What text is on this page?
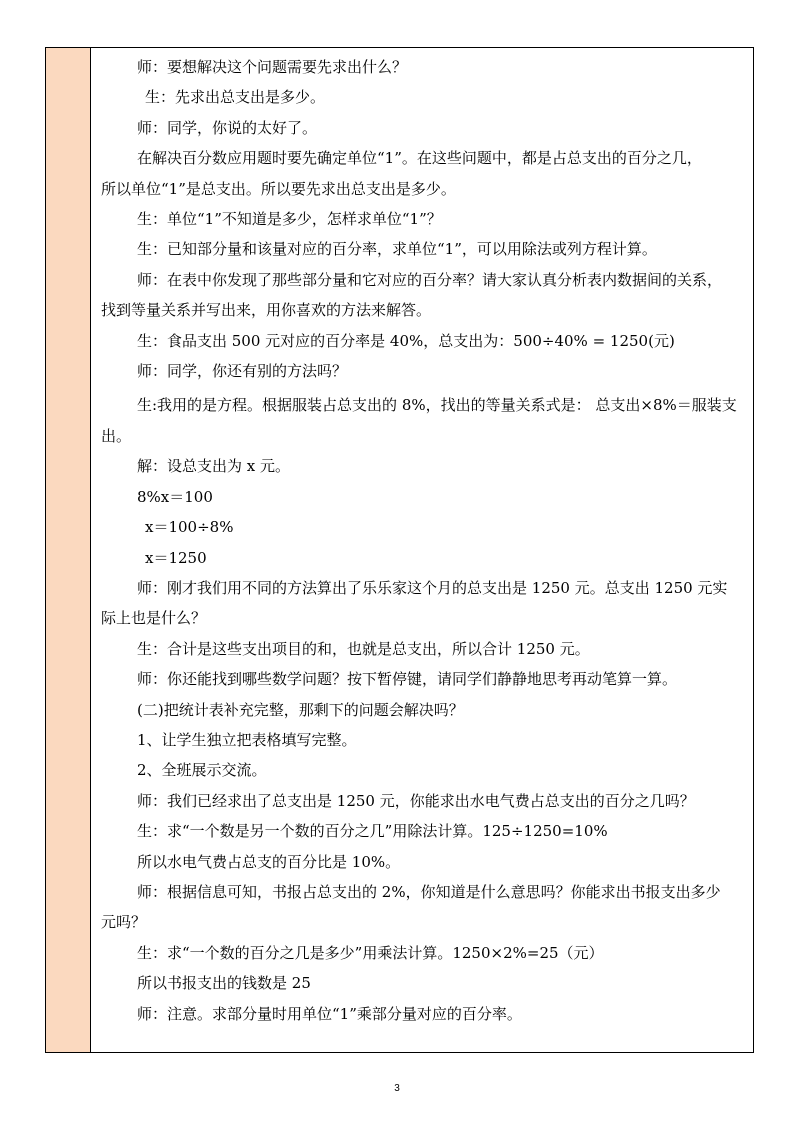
师：要想解决这个问题需要先求出什么？
生：先求出总支出是多少。
师：同学，你说的太好了。
在解决百分数应用题时要先确定单位“1”。在这些问题中，都是占总支出的百分之几，
所以单位“1”是总支出。所以要先求出总支出是多少。
生：单位“1”不知道是多少，怎样求单位“1”？
生：已知部分量和该量对应的百分率，求单位“1”，可以用除法或列方程计算。
师：在表中你发现了那些部分量和它对应的百分率？请大家认真分析表内数据间的关系，
找到等量关系并写出来，用你喜欢的方法来解答。
生：食品支出 500 元对应的百分率是 40%，总支出为：500÷40% = 1250(元)
师：同学，你还有别的方法吗？
生:我用的是方程。根据服装占总支出的 8%，找出的等量关系式是： 总支出×8%＝服装支
出。
解：设总支出为 x 元。
8%x＝100
x＝100÷8%
x＝1250
师：刚才我们用不同的方法算出了乐乐家这个月的总支出是 1250 元。总支出 1250 元实
际上也是什么？
生：合计是这些支出项目的和，也就是总支出，所以合计 1250 元。
师：你还能找到哪些数学问题？按下暂停键，请同学们静静地思考再动笔算一算。
(二)把统计表补充完整，那剩下的问题会解决吗？
1、让学生独立把表格填写完整。
2、全班展示交流。
师：我们已经求出了总支出是 1250 元，你能求出水电气费占总支出的百分之几吗？
生：求“一个数是另一个数的百分之几”用除法计算。125÷1250=10%
所以水电气费占总支的百分比是 10%。
师：根据信息可知，书报占总支出的 2%，你知道是什么意思吗？你能求出书报支出多少
元吗？
生：求“一个数的百分之几是多少”用乘法计算。1250×2%=25（元）
所以书报支出的钱数是 25
师：注意。求部分量时用单位“1”乘部分量对应的百分率。
3
